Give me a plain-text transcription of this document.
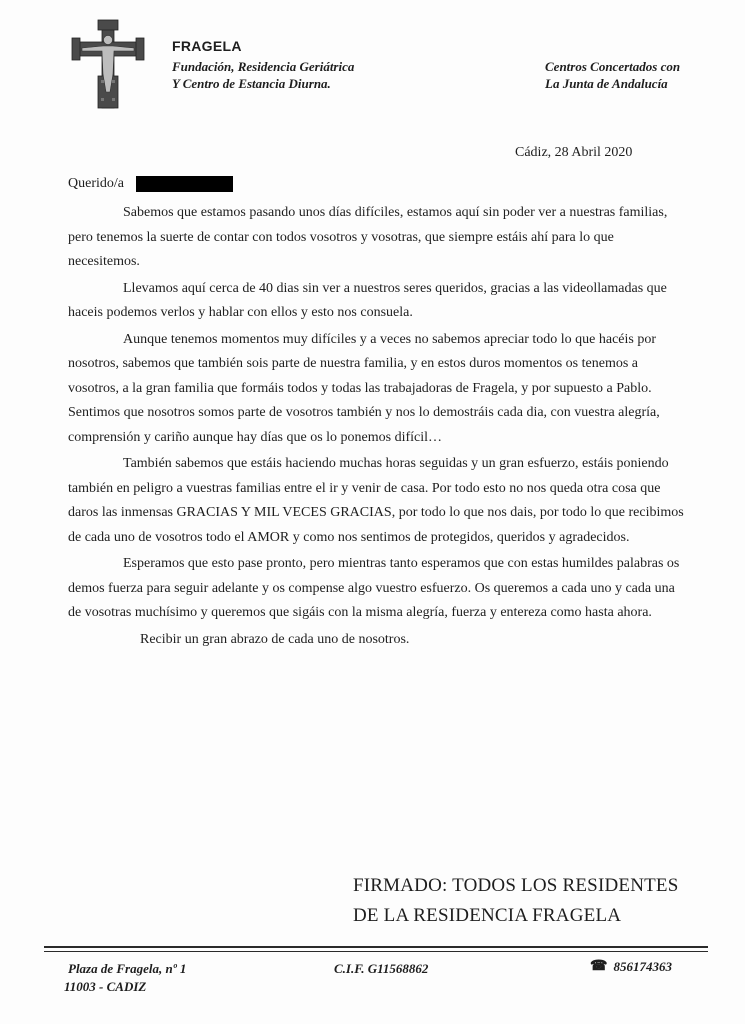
FRAGELA
Fundación, Residencia Geriátrica
Y Centro de Estancia Diurna.
Centros Concertados con
La Junta de Andalucía
Cádiz, 28 Abril 2020
Querido/a

Sabemos que estamos pasando unos días difíciles, estamos aquí sin poder ver a nuestras familias, pero tenemos la suerte de contar con todos vosotros y vosotras, que siempre estáis ahí para lo que necesitemos.

Llevamos aquí cerca de 40 dias sin ver a nuestros seres queridos, gracias a las videollamadas que haceis podemos verlos y hablar con ellos y esto nos consuela.

Aunque tenemos momentos muy difíciles y a veces no sabemos apreciar todo lo que hacéis por nosotros, sabemos que también sois parte de nuestra familia, y en estos duros momentos os tenemos a vosotros, a la gran familia que formáis todos y todas las trabajadoras de Fragela, y por supuesto a Pablo. Sentimos que nosotros somos parte de vosotros también y nos lo demostráis cada dia, con vuestra alegría, comprensión y cariño aunque hay días que os lo ponemos difícil…

También sabemos que estáis haciendo muchas horas seguidas y un gran esfuerzo, estáis poniendo también en peligro a vuestras familias entre el ir y venir de casa. Por todo esto no nos queda otra cosa que daros las inmensas GRACIAS Y MIL VECES GRACIAS, por todo lo que nos dais, por todo lo que recibimos de cada uno de vosotros todo el AMOR y como nos sentimos de protegidos, queridos y agradecidos.

Esperamos que esto pase pronto, pero mientras tanto esperamos que con estas humildes palabras os demos fuerza para seguir adelante y os compense algo vuestro esfuerzo. Os queremos a cada uno y cada una de vosotras muchísimo y queremos que sigáis con la misma alegría, fuerza y entereza como hasta ahora.

Recibir un gran abrazo de cada uno de nosotros.

FIRMADO: TODOS LOS RESIDENTES
DE LA RESIDENCIA FRAGELA
Plaza de Fragela, nº 1
11003 - CADIZ
C.I.F. G11568862	☎ 856174363
